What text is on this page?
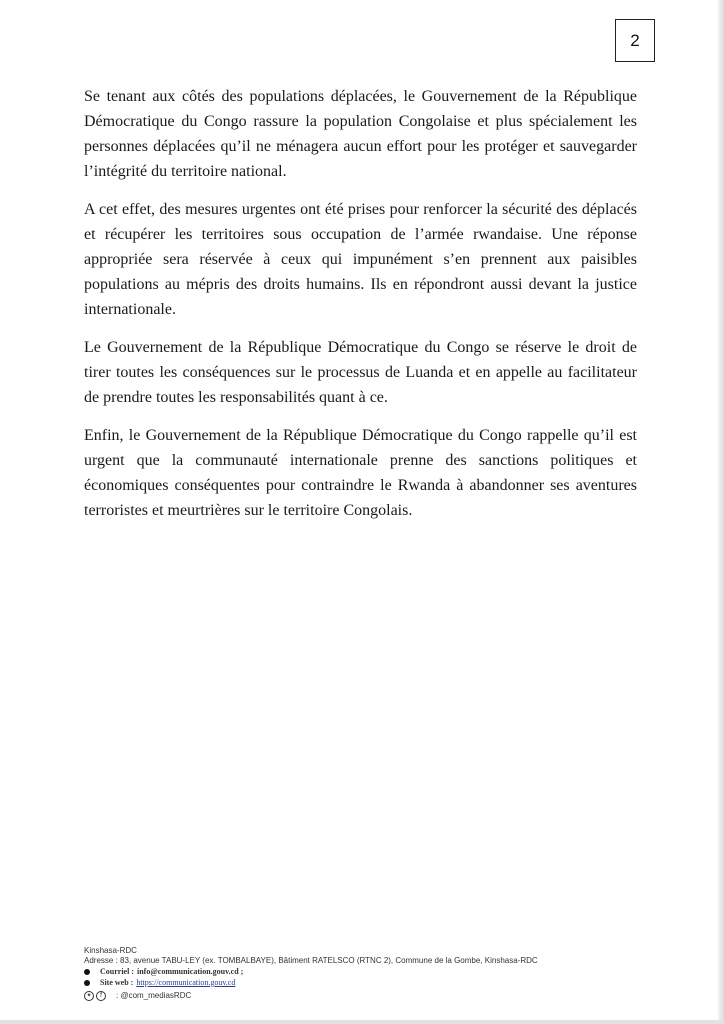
2

Se tenant aux côtés des populations déplacées, le Gouvernement de la République Démocratique du Congo rassure la population Congolaise et plus spécialement les personnes déplacées qu’il ne ménagera aucun effort pour les protéger et sauvegarder l’intégrité du territoire national.

A cet effet, des mesures urgentes ont été prises pour renforcer la sécurité des déplacés et récupérer les territoires sous occupation de l’armée rwandaise. Une réponse appropriée sera réservée à ceux qui impunément s’en prennent aux paisibles populations au mépris des droits humains. Ils en répondront aussi devant la justice internationale.

Le Gouvernement de la République Démocratique du Congo se réserve le droit de tirer toutes les conséquences sur le processus de Luanda et en appelle au facilitateur de prendre toutes les responsabilités quant à ce.

Enfin, le Gouvernement de la République Démocratique du Congo rappelle qu’il est urgent que la communauté internationale prenne des sanctions politiques et économiques conséquentes pour contraindre le Rwanda à abandonner ses aventures terroristes et meurtrières sur le territoire Congolais.

Kinshasa-RDC
Adresse : 83, avenue TABU-LEY (ex. TOMBALBAYE), Bâtiment RATELSCO (RTNC 2), Commune de la Gombe, Kinshasa-RDC
Courriel : info@communication.gouv.cd ;
Site web : https://communication.gouv.cd
✦	f	: @com_mediasRDC
